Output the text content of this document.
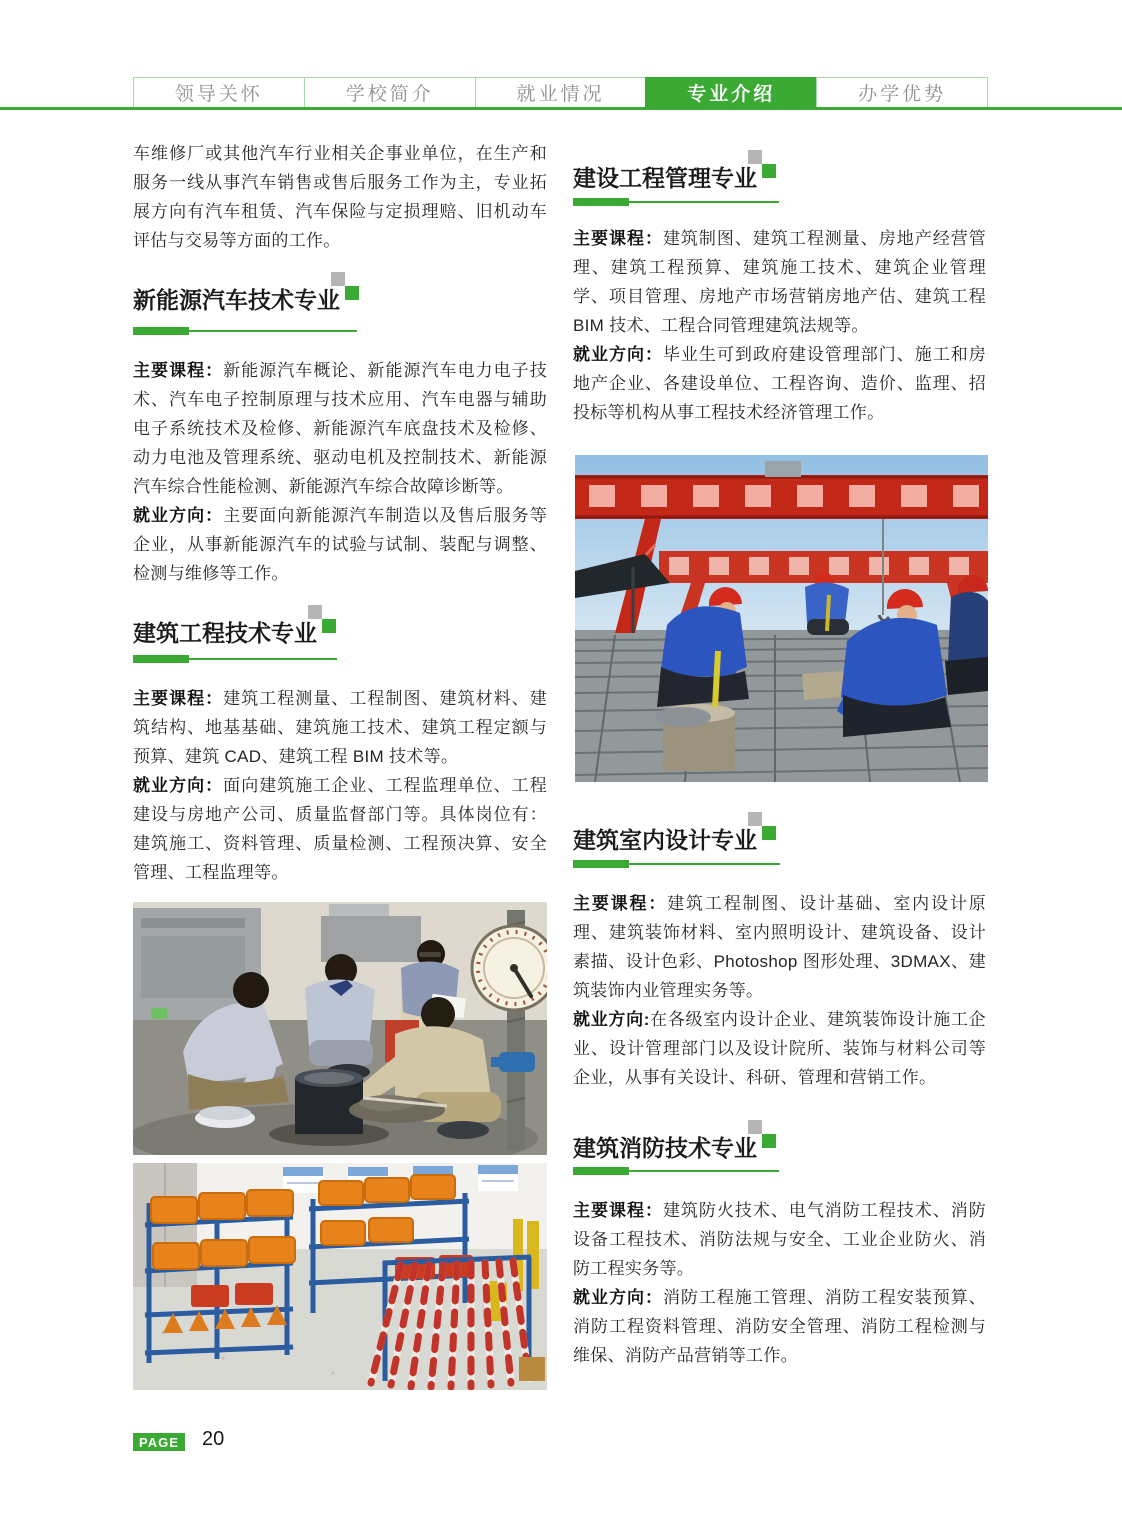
领导关怀	学校简介	就业情况	专业介绍	办学优势

车维修厂或其他汽车行业相关企事业单位，在生产和服务一线从事汽车销售或售后服务工作为主，专业拓展方向有汽车租赁、汽车保险与定损理赔、旧机动车评估与交易等方面的工作。

新能源汽车技术专业

主要课程：新能源汽车概论、新能源汽车电力电子技术、汽车电子控制原理与技术应用、汽车电器与辅助电子系统技术及检修、新能源汽车底盘技术及检修、动力电池及管理系统、驱动电机及控制技术、新能源汽车综合性能检测、新能源汽车综合故障诊断等。

就业方向：主要面向新能源汽车制造以及售后服务等企业，从事新能源汽车的试验与试制、装配与调整、检测与维修等工作。

建筑工程技术专业

主要课程：建筑工程测量、工程制图、建筑材料、建筑结构、地基基础、建筑施工技术、建筑工程定额与预算、建筑 CAD、建筑工程 BIM 技术等。

就业方向：面向建筑施工企业、工程监理单位、工程建设与房地产公司、质量监督部门等。具体岗位有：建筑施工、资料管理、质量检测、工程预决算、安全管理、工程监理等。

建设工程管理专业

主要课程：建筑制图、建筑工程测量、房地产经营管理、建筑工程预算、建筑施工技术、建筑企业管理学、项目管理、房地产市场营销房地产估、建筑工程 BIM 技术、工程合同管理建筑法规等。

就业方向：毕业生可到政府建设管理部门、施工和房地产企业、各建设单位、工程咨询、造价、监理、招投标等机构从事工程技术经济管理工作。

建筑室内设计专业

主要课程：建筑工程制图、设计基础、室内设计原理、建筑装饰材料、室内照明设计、建筑设备、设计素描、设计色彩、Photoshop 图形处理、3DMAX、建筑装饰内业管理实务等。

就业方向:在各级室内设计企业、建筑装饰设计施工企业、设计管理部门以及设计院所、装饰与材料公司等企业，从事有关设计、科研、管理和营销工作。

建筑消防技术专业

主要课程：建筑防火技术、电气消防工程技术、消防设备工程技术、消防法规与安全、工业企业防火、消防工程实务等。

就业方向：消防工程施工管理、消防工程安装预算、消防工程资料管理、消防安全管理、消防工程检测与维保、消防产品营销等工作。

PAGE	20
